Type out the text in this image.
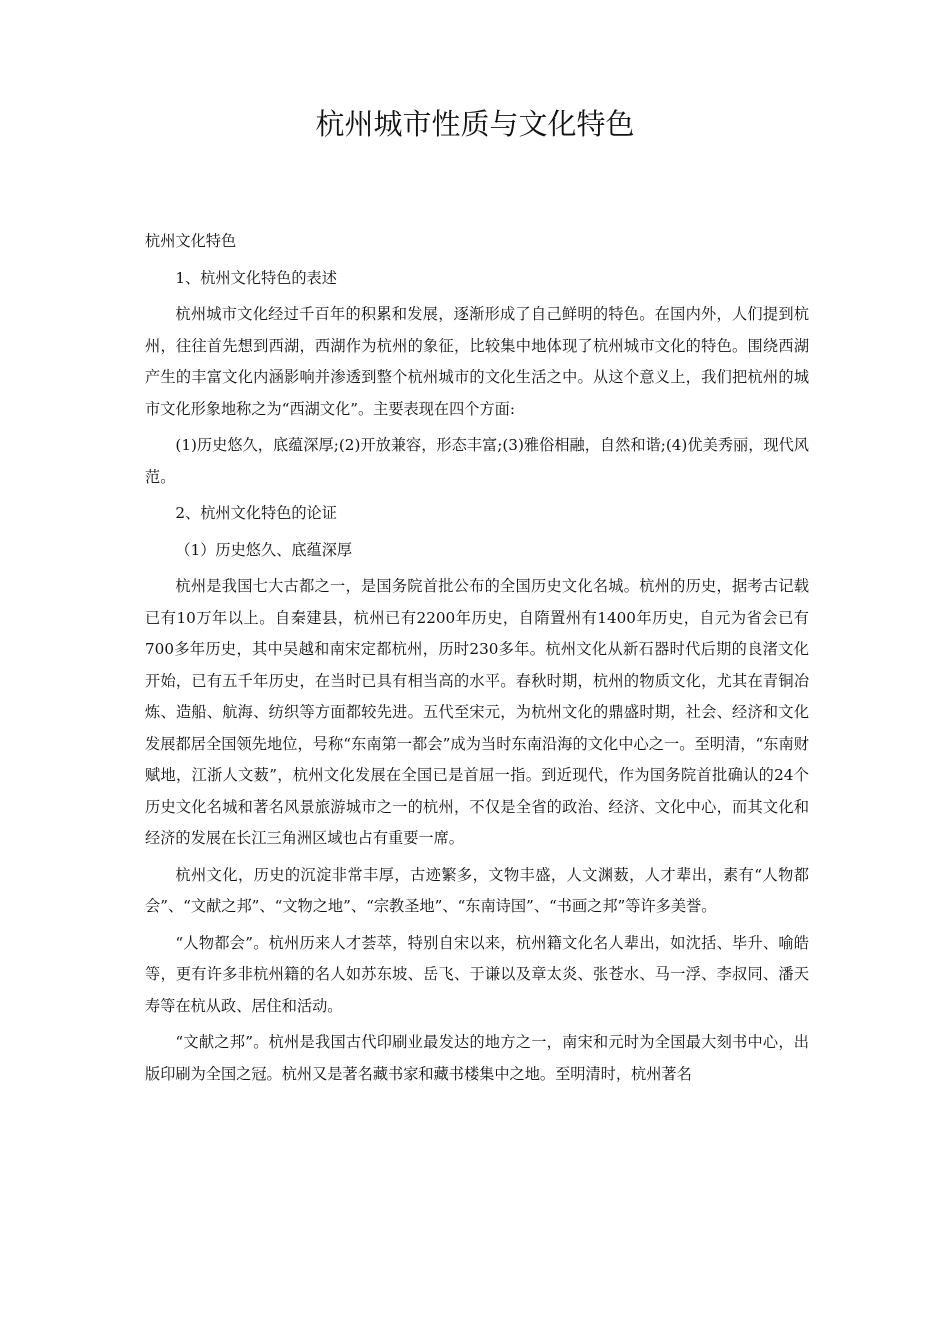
杭州城市性质与文化特色

杭州文化特色

1、杭州文化特色的表述

杭州城市文化经过千百年的积累和发展，逐渐形成了自己鲜明的特色。在国内外，人们提到杭州，往往首先想到西湖，西湖作为杭州的象征，比较集中地体现了杭州城市文化的特色。围绕西湖产生的丰富文化内涵影响并渗透到整个杭州城市的文化生活之中。从这个意义上，我们把杭州的城市文化形象地称之为“西湖文化”。主要表现在四个方面:

(1)历史悠久，底蕴深厚;(2)开放兼容，形态丰富;(3)雅俗相融，自然和谐;(4)优美秀丽，现代风范。

2、杭州文化特色的论证

（1）历史悠久、底蕴深厚

杭州是我国七大古都之一，是国务院首批公布的全国历史文化名城。杭州的历史，据考古记载已有10万年以上。自秦建县，杭州已有2200年历史，自隋置州有1400年历史，自元为省会已有700多年历史，其中吴越和南宋定都杭州，历时230多年。杭州文化从新石器时代后期的良渚文化开始，已有五千年历史，在当时已具有相当高的水平。春秋时期，杭州的物质文化，尤其在青铜冶炼、造船、航海、纺织等方面都较先进。五代至宋元，为杭州文化的鼎盛时期，社会、经济和文化发展都居全国领先地位，号称“东南第一都会”成为当时东南沿海的文化中心之一。至明清，“东南财赋地，江浙人文薮”，杭州文化发展在全国已是首屈一指。到近现代，作为国务院首批确认的24个历史文化名城和著名风景旅游城市之一的杭州，不仅是全省的政治、经济、文化中心，而其文化和经济的发展在长江三角洲区域也占有重要一席。

杭州文化，历史的沉淀非常丰厚，古迹繁多，文物丰盛，人文渊薮，人才辈出，素有“人物都会”、“文献之邦”、“文物之地”、“宗教圣地”、“东南诗国”、“书画之邦”等许多美誉。

“人物都会”。杭州历来人才荟萃，特别自宋以来，杭州籍文化名人辈出，如沈括、毕升、喻皓等，更有许多非杭州籍的名人如苏东坡、岳飞、于谦以及章太炎、张苍水、马一浮、李叔同、潘天寿等在杭从政、居住和活动。

“文献之邦”。杭州是我国古代印刷业最发达的地方之一，南宋和元时为全国最大刻书中心，出版印刷为全国之冠。杭州又是著名藏书家和藏书楼集中之地。至明清时，杭州著名
